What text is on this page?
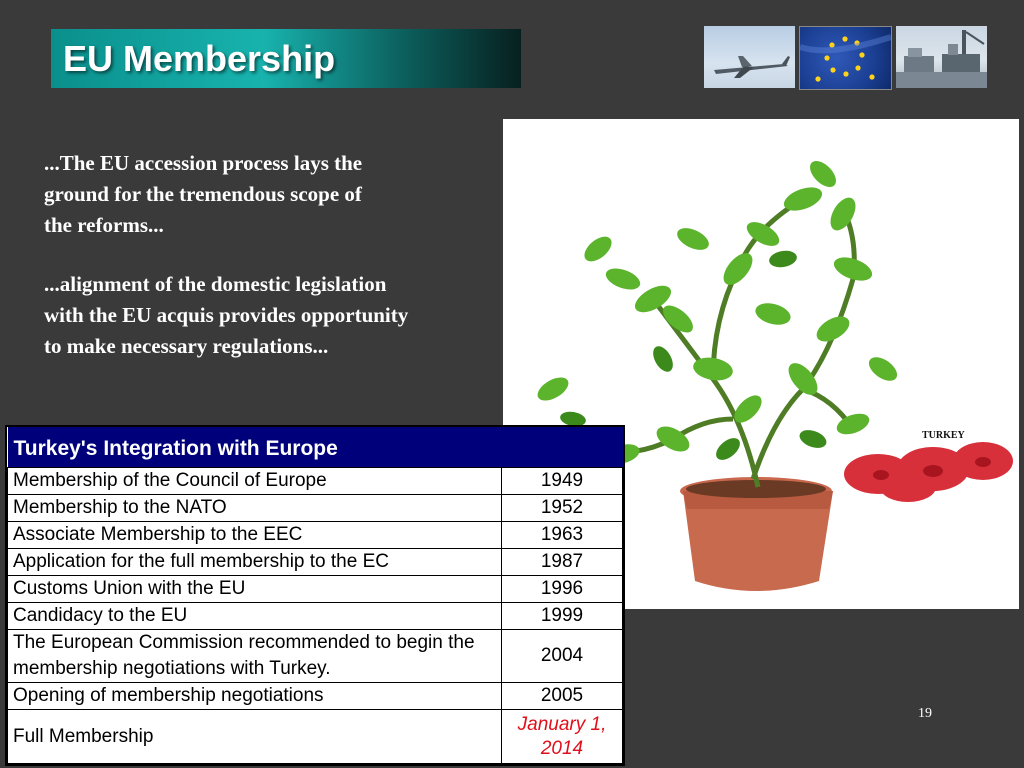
EU Membership
...The EU accession process lays the
ground for the tremendous scope of
the reforms...
...alignment of the domestic legislation
with the EU acquis provides opportunity
to make necessary regulations...
TURKEY
Turkey's Integration with Europe	
Membership of the Council of Europe	1949
Membership to the NATO	1952
Associate Membership to the EEC	1963
Application for the full membership to the EC	1987
Customs Union with the EU	1996
Candidacy to the EU	1999
The European Commission recommended to begin the membership negotiations with Turkey.	2004
Opening of membership negotiations	2005
Full Membership	January 1, 2014
19
